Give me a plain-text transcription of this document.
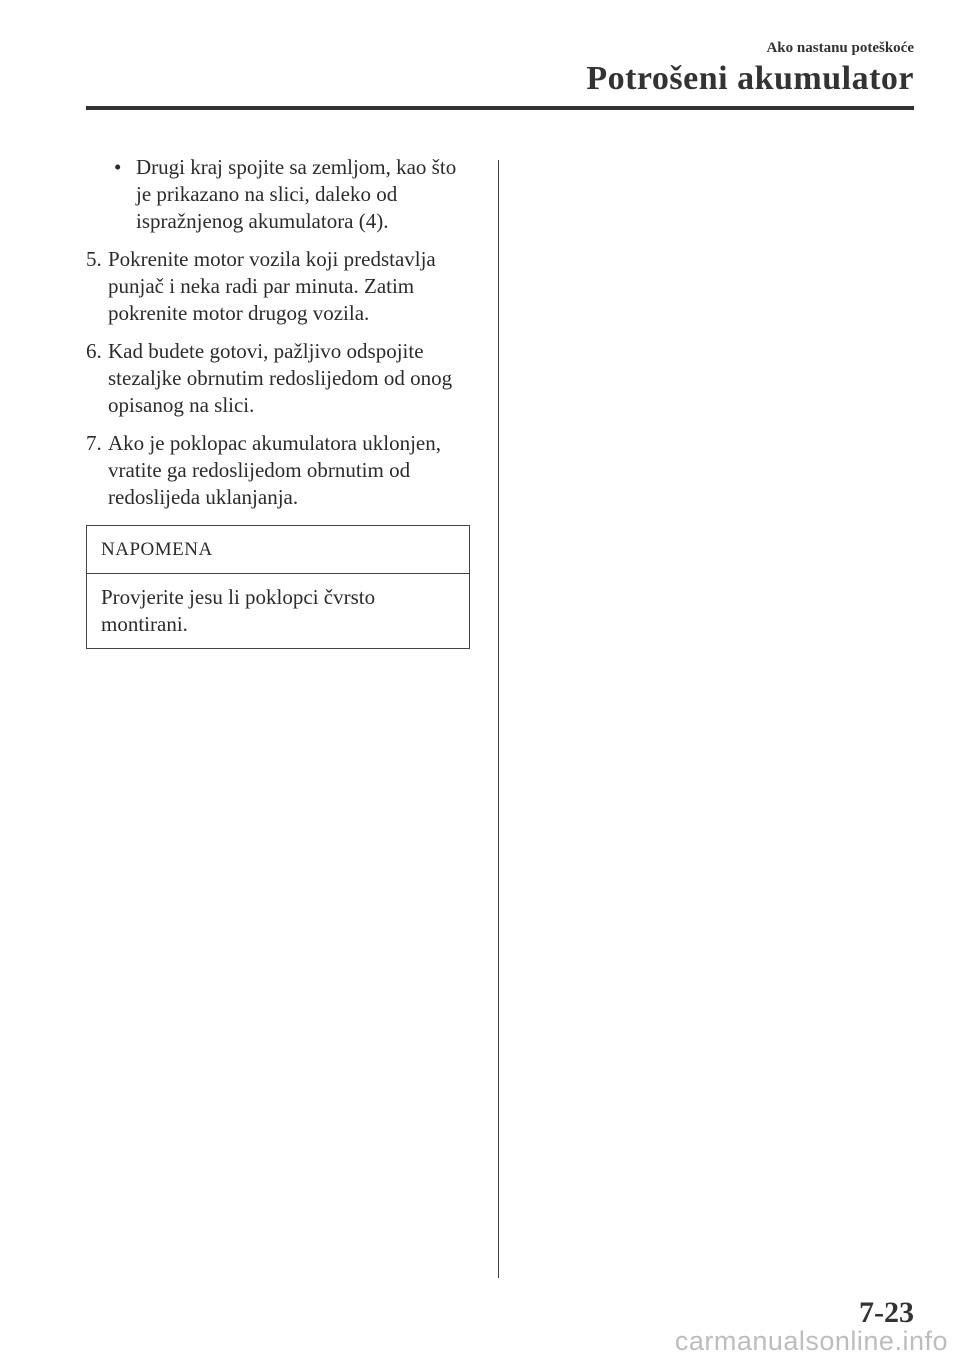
Ako nastanu poteškoće
Potrošeni akumulator
• Drugi kraj spojite sa zemljom, kao što je prikazano na slici, daleko od ispražnjenog akumulatora (4).
5. Pokrenite motor vozila koji predstavlja punjač i neka radi par minuta. Zatim pokrenite motor drugog vozila.
6. Kad budete gotovi, pažljivo odspojite stezaljke obrnutim redoslijedom od onog opisanog na slici.
7. Ako je poklopac akumulatora uklonjen, vratite ga redoslijedom obrnutim od redoslijeda uklanjanja.
NAPOMENA
Provjerite jesu li poklopci čvrsto montirani.
7-23
carmanualsonline.info
